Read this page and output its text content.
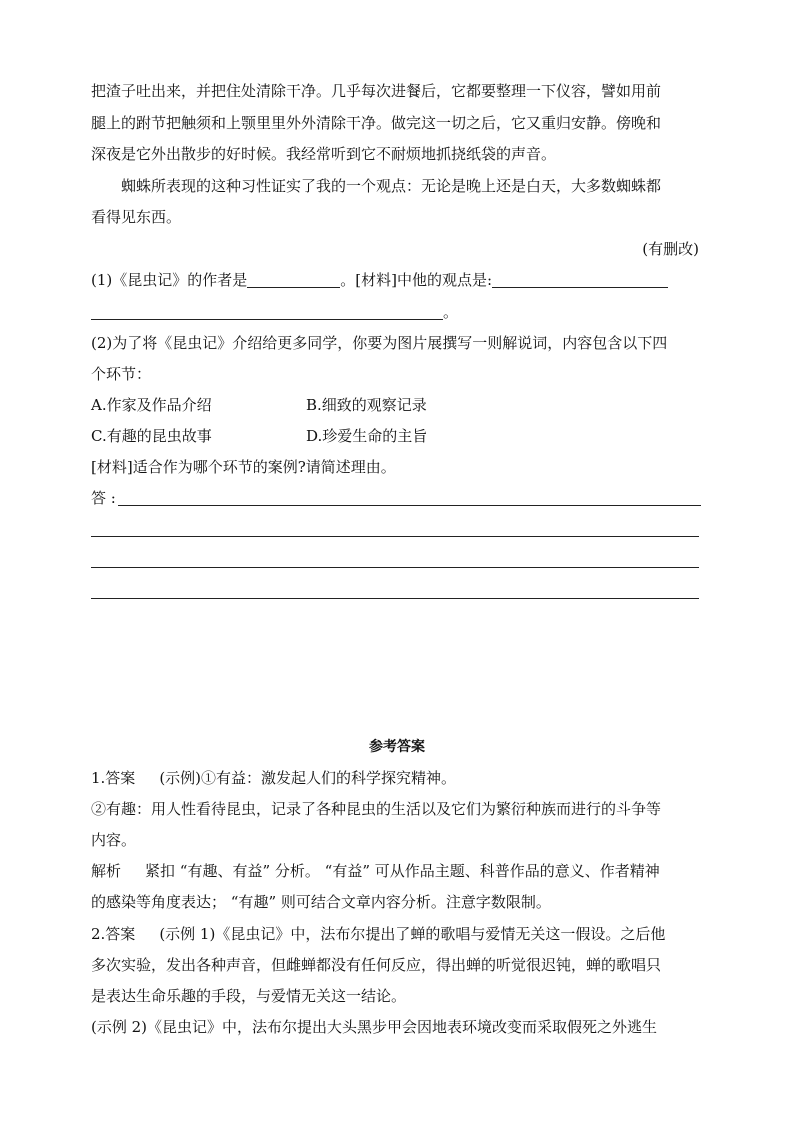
把渣子吐出来，并把住处清除干净。几乎每次进餐后，它都要整理一下仪容，譬如用前
腿上的跗节把触须和上颚里里外外清除干净。做完这一切之后，它又重归安静。傍晚和
深夜是它外出散步的好时候。我经常听到它不耐烦地抓挠纸袋的声音。
蜘蛛所表现的这种习性证实了我的一个观点：无论是晚上还是白天，大多数蜘蛛都
看得见东西。
(有删改)
(1)《昆虫记》的作者是	。[材料]中他的观点是:
。
(2)为了将《昆虫记》介绍给更多同学，你要为图片展撰写一则解说词，内容包含以下四
个环节：
A.作家及作品介绍	B.细致的观察记录
C.有趣的昆虫故事	D.珍爱生命的主旨
[材料]适合作为哪个环节的案例?请简述理由。
答 :
参考答案
1.答案 (示例)①有益：激发起人们的科学探究精神。
②有趣：用人性看待昆虫，记录了各种昆虫的生活以及它们为繁衍种族而进行的斗争等
内容。
解析 紧扣 “有趣、有益” 分析。 “有益” 可从作品主题、科普作品的意义、作者精神
的感染等角度表达； “有趣” 则可结合文章内容分析。注意字数限制。
2.答案 (示例 1)《昆虫记》中，法布尔提出了蝉的歌唱与爱情无关这一假设。之后他
多次实验，发出各种声音，但雌蝉都没有任何反应，得出蝉的听觉很迟钝，蝉的歌唱只
是表达生命乐趣的手段，与爱情无关这一结论。
(示例 2)《昆虫记》中，法布尔提出大头黑步甲会因地表环境改变而采取假死之外逃生
